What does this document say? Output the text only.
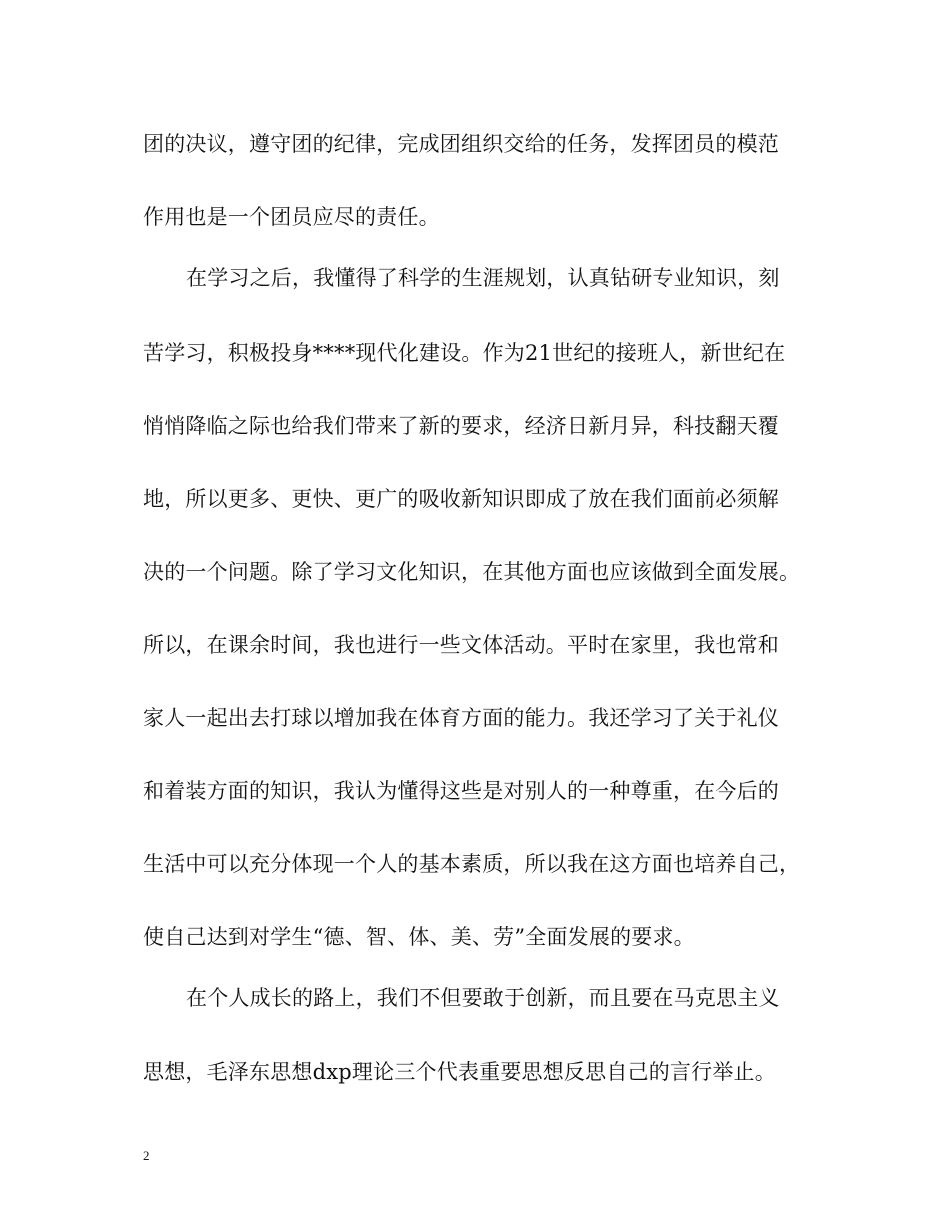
团的决议，遵守团的纪律，完成团组织交给的任务，发挥团员的模范
作用也是一个团员应尽的责任。
在学习之后，我懂得了科学的生涯规划，认真钻研专业知识，刻
苦学习，积极投身****现代化建设。作为21世纪的接班人，新世纪在
悄悄降临之际也给我们带来了新的要求，经济日新月异，科技翻天覆
地，所以更多、更快、更广的吸收新知识即成了放在我们面前必须解
决的一个问题。除了学习文化知识，在其他方面也应该做到全面发展。
所以，在课余时间，我也进行一些文体活动。平时在家里，我也常和
家人一起出去打球以增加我在体育方面的能力。我还学习了关于礼仪
和着装方面的知识，我认为懂得这些是对别人的一种尊重，在今后的
生活中可以充分体现一个人的基本素质，所以我在这方面也培养自己，
使自己达到对学生“德、智、体、美、劳”全面发展的要求。
在个人成长的路上，我们不但要敢于创新，而且要在马克思主义
思想，毛泽东思想dxp理论三个代表重要思想反思自己的言行举止。
2
